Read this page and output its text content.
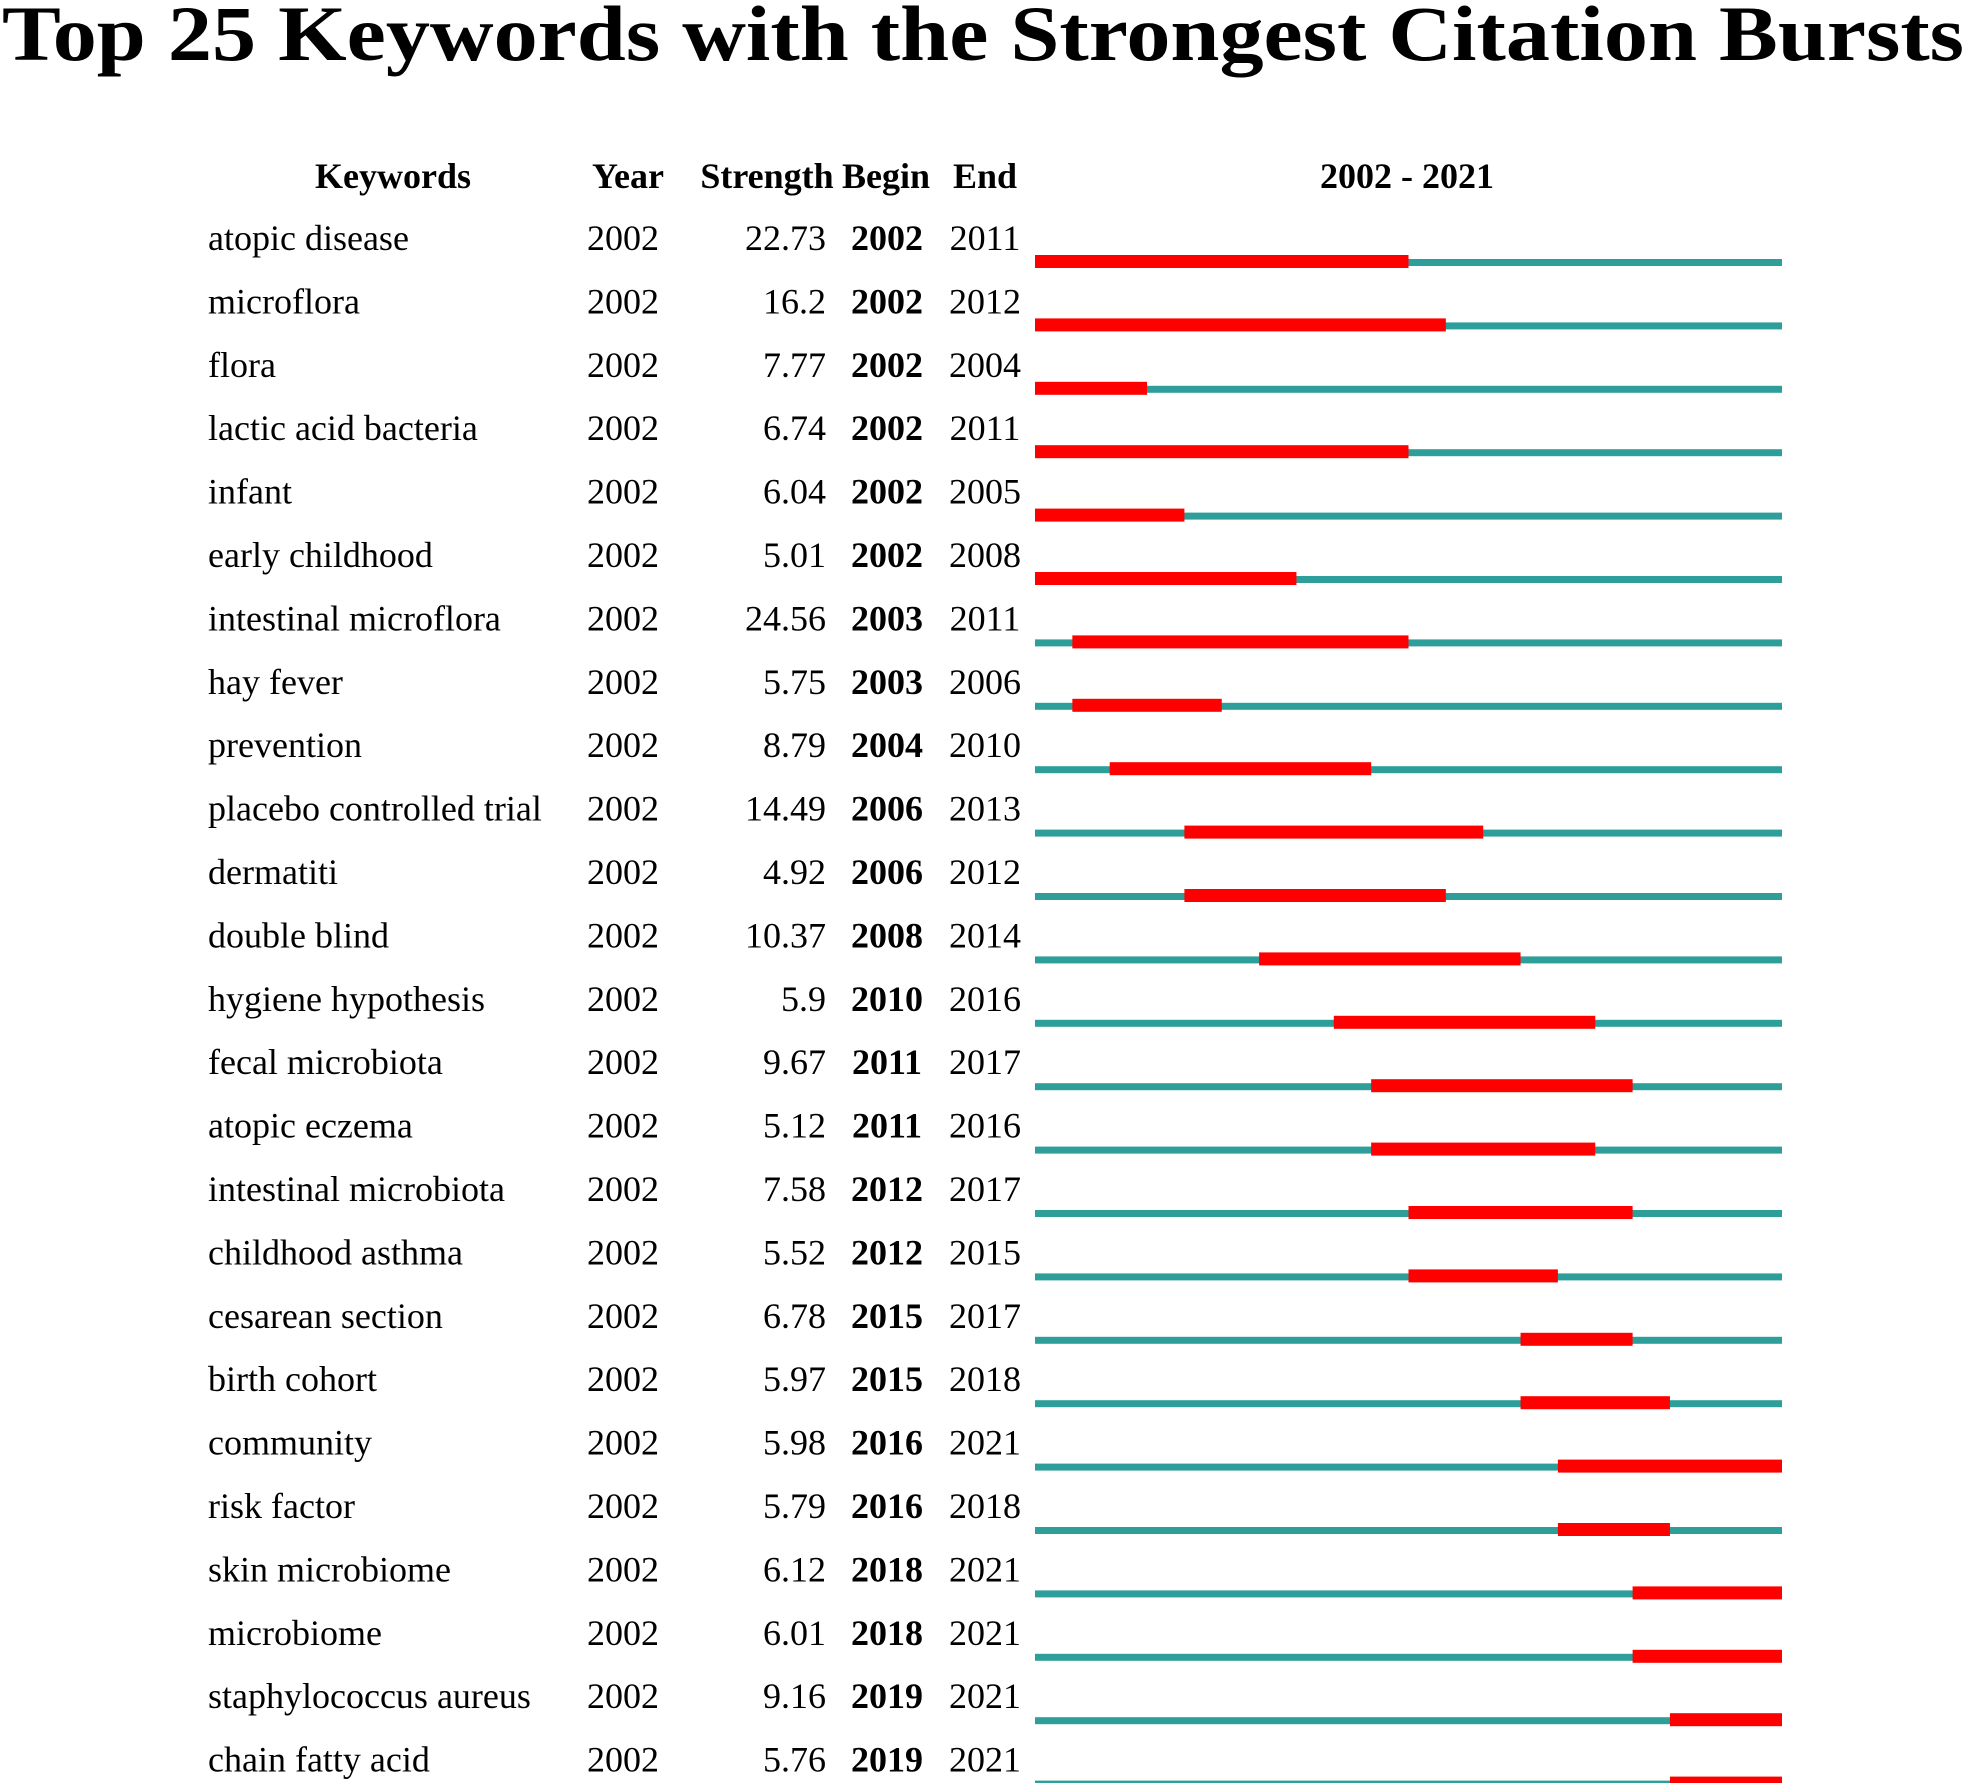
Top 25 Keywords with the Strongest Citation Bursts
Keywords	Year Strength Begin End	2002 - 2021
atopic disease	2002 22.73 2002 2011
microflora	2002	16.2 2002 2012
flora	2002	7.77 2002 2004
lactic acid bacteria	2002	6.74 2002 2011
infant	2002	6.04 2002 2005
early childhood	2002	5.01 2002 2008
intestinal microflora 2002 24.56 2003 2011
hay fever	2002	5.75 2003 2006
prevention	2002	8.79 2004 2010
placebo controlled trial 2002 14.49 2006 2013
dermatiti	2002	4.92 2006 2012
double blind	2002 10.37 2008 2014
hygiene hypothesis	2002	5.9 2010 2016
fecal microbiota	2002	9.67 2011 2017
atopic eczema	2002	5.12 2011 2016
intestinal microbiota 2002	7.58 2012 2017
childhood asthma	2002	5.52 2012 2015
cesarean section	2002	6.78 2015 2017
birth cohort	2002	5.97 2015 2018
community	2002	5.98 2016 2021
risk factor	2002	5.79 2016 2018
skin microbiome	2002	6.12 2018 2021
microbiome	2002	6.01 2018 2021
staphylococcus aureus 2002	9.16 2019 2021
chain fatty acid	2002	5.76 2019 2021
